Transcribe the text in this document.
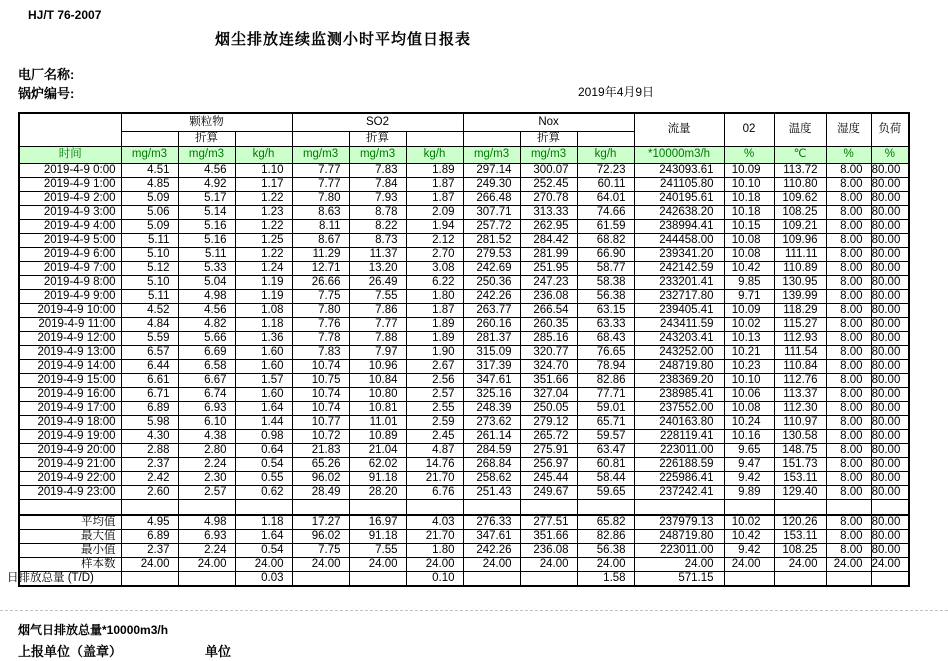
HJ/T 76-2007
烟尘排放连续监测小时平均值日报表
电厂名称:
锅炉编号:	2019年4月9日
	颗粒物			SO2			Nox			流量	02	温度	湿度	负荷
		折算			折算			折算						
时间	mg/m3	mg/m3	kg/h	mg/m3	mg/m3	kg/h	mg/m3	mg/m3	kg/h	*10000m3/h	%	℃	%	%
2019-4-9 0:00	4.51	4.56	1.10	7.77	7.83	1.89	297.14	300.07	72.23	243093.61	10.09	113.72	8.00	80.00
2019-4-9 1:00	4.85	4.92	1.17	7.77	7.84	1.87	249.30	252.45	60.11	241105.80	10.10	110.80	8.00	80.00
2019-4-9 2:00	5.09	5.17	1.22	7.80	7.93	1.87	266.48	270.78	64.01	240195.61	10.18	109.62	8.00	80.00
2019-4-9 3:00	5.06	5.14	1.23	8.63	8.78	2.09	307.71	313.33	74.66	242638.20	10.18	108.25	8.00	80.00
2019-4-9 4:00	5.09	5.16	1.22	8.11	8.22	1.94	257.72	262.95	61.59	238994.41	10.15	109.21	8.00	80.00
2019-4-9 5:00	5.11	5.16	1.25	8.67	8.73	2.12	281.52	284.42	68.82	244458.00	10.08	109.96	8.00	80.00
2019-4-9 6:00	5.10	5.11	1.22	11.29	11.37	2.70	279.53	281.99	66.90	239341.20	10.08	111.11	8.00	80.00
2019-4-9 7:00	5.12	5.33	1.24	12.71	13.20	3.08	242.69	251.95	58.77	242142.59	10.42	110.89	8.00	80.00
2019-4-9 8:00	5.10	5.04	1.19	26.66	26.49	6.22	250.36	247.23	58.38	233201.41	9.85	130.95	8.00	80.00
2019-4-9 9:00	5.11	4.98	1.19	7.75	7.55	1.80	242.26	236.08	56.38	232717.80	9.71	139.99	8.00	80.00
2019-4-9 10:00	4.52	4.56	1.08	7.80	7.86	1.87	263.77	266.54	63.15	239405.41	10.09	118.29	8.00	80.00
2019-4-9 11:00	4.84	4.82	1.18	7.76	7.77	1.89	260.16	260.35	63.33	243411.59	10.02	115.27	8.00	80.00
2019-4-9 12:00	5.59	5.66	1.36	7.78	7.88	1.89	281.37	285.16	68.43	243203.41	10.13	112.93	8.00	80.00
2019-4-9 13:00	6.57	6.69	1.60	7.83	7.97	1.90	315.09	320.77	76.65	243252.00	10.21	111.54	8.00	80.00
2019-4-9 14:00	6.44	6.58	1.60	10.74	10.96	2.67	317.39	324.70	78.94	248719.80	10.23	110.84	8.00	80.00
2019-4-9 15:00	6.61	6.67	1.57	10.75	10.84	2.56	347.61	351.66	82.86	238369.20	10.10	112.76	8.00	80.00
2019-4-9 16:00	6.71	6.74	1.60	10.74	10.80	2.57	325.16	327.04	77.71	238985.41	10.06	113.37	8.00	80.00
2019-4-9 17:00	6.89	6.93	1.64	10.74	10.81	2.55	248.39	250.05	59.01	237552.00	10.08	112.30	8.00	80.00
2019-4-9 18:00	5.98	6.10	1.44	10.77	11.01	2.59	273.62	279.12	65.71	240163.80	10.24	110.97	8.00	80.00
2019-4-9 19:00	4.30	4.38	0.98	10.72	10.89	2.45	261.14	265.72	59.57	228119.41	10.16	130.58	8.00	80.00
2019-4-9 20:00	2.88	2.80	0.64	21.83	21.04	4.87	284.59	275.91	63.47	223011.00	9.65	148.75	8.00	80.00
2019-4-9 21:00	2.37	2.24	0.54	65.26	62.02	14.76	268.84	256.97	60.81	226188.59	9.47	151.73	8.00	80.00
2019-4-9 22:00	2.42	2.30	0.55	96.02	91.18	21.70	258.62	245.44	58.44	225986.41	9.42	153.11	8.00	80.00
2019-4-9 23:00	2.60	2.57	0.62	28.49	28.20	6.76	251.43	249.67	59.65	237242.41	9.89	129.40	8.00	80.00

平均值	4.95	4.98	1.18	17.27	16.97	4.03	276.33	277.51	65.82	237979.13	10.02	120.26	8.00	80.00
最大值	6.89	6.93	1.64	96.02	91.18	21.70	347.61	351.66	82.86	248719.80	10.42	153.11	8.00	80.00
最小值	2.37	2.24	0.54	7.75	7.55	1.80	242.26	236.08	56.38	223011.00	9.42	108.25	8.00	80.00
样本数	24.00	24.00	24.00	24.00	24.00	24.00	24.00	24.00	24.00	24.00	24.00	24.00	24.00	24.00

日排放总量 (T/D)			0.03			0.10			1.58	571.15				
烟气日排放总量*10000m3/h
上报单位（盖章）	单位
